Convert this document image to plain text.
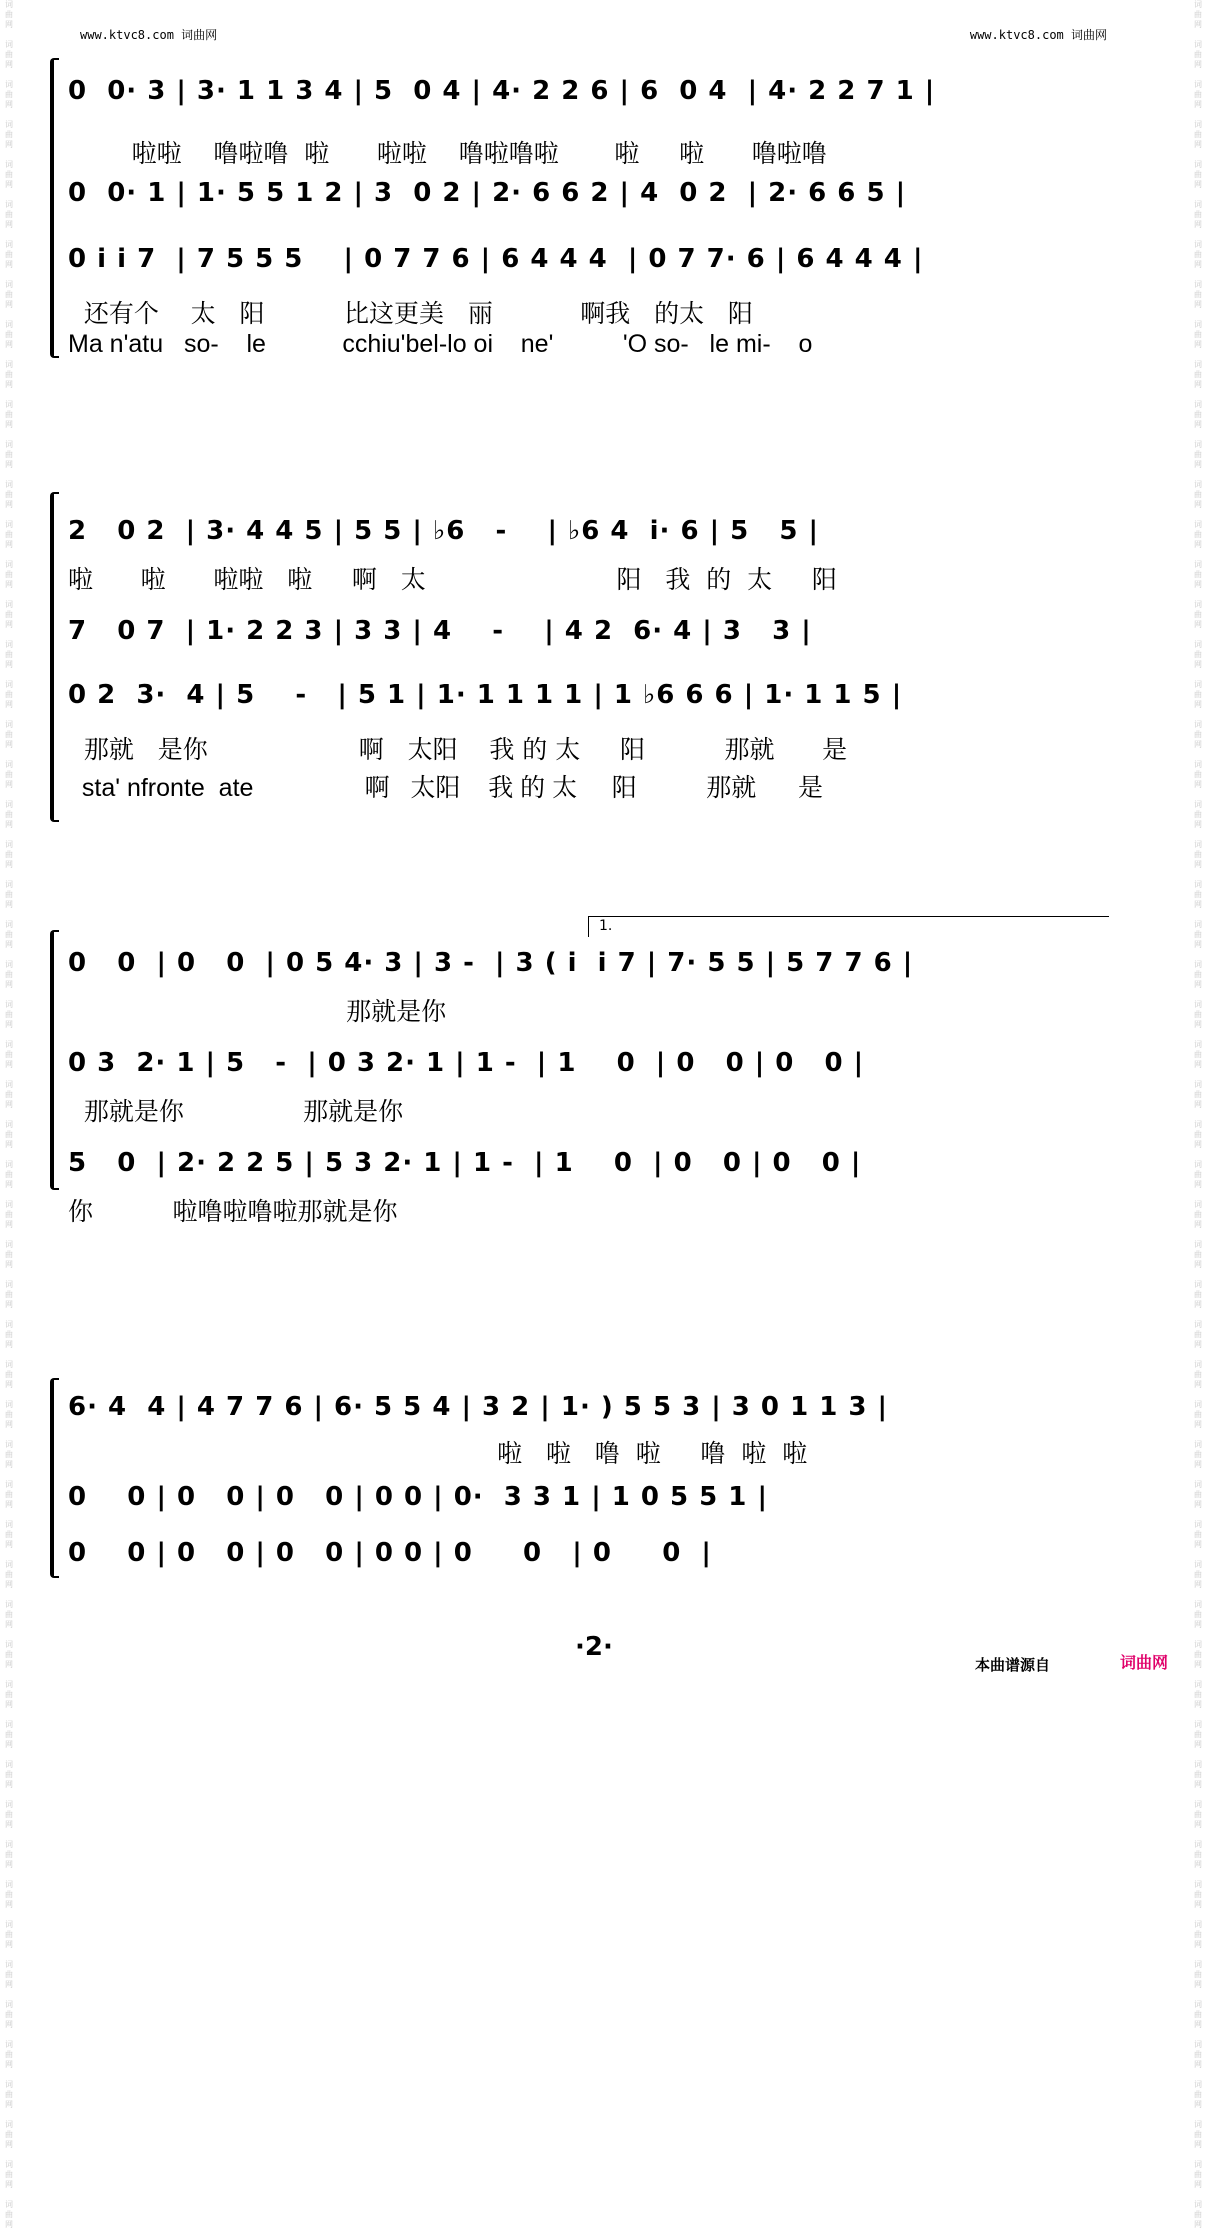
www.ktvc8.com 词曲网	www.ktvc8.com 词曲网
词
曲
网

词
曲
网

词
曲
网

词
曲
网

词
曲
网

词
曲
网

词
曲
网

词
曲
网

词
曲
网

词
曲
网

词
曲
网

词
曲
网

词
曲
网

词
曲
网

词
曲
网

词
曲
网

词
曲
网

词
曲
网

词
曲
网

词
曲
网

词
曲
网

词
曲
网

词
曲
网

词
曲
网

词
曲
网

词
曲
网

词
曲
网

词
曲
网

词
曲
网

词
曲
网

词
曲
网

词
曲
网

词
曲
网

词
曲
网

词
曲
网

词
曲
网

词
曲
网

词
曲
网

词
曲
网

词
曲
网

词
曲
网

词
曲
网

词
曲
网

词
曲
网

词
曲
网

词
曲
网

词
曲
网

词
曲
网

词
曲
网

词
曲
网

词
曲
网

词
曲
网

词
曲
网

词
曲
网

词
曲
网

词
曲
网
词
曲
网

词
曲
网

词
曲
网

词
曲
网

词
曲
网

词
曲
网

词
曲
网

词
曲
网

词
曲
网

词
曲
网

词
曲
网

词
曲
网

词
曲
网

词
曲
网

词
曲
网

词
曲
网

词
曲
网

词
曲
网

词
曲
网

词
曲
网

词
曲
网

词
曲
网

词
曲
网

词
曲
网

词
曲
网

词
曲
网

词
曲
网

词
曲
网

词
曲
网

词
曲
网

词
曲
网

词
曲
网

词
曲
网

词
曲
网

词
曲
网

词
曲
网

词
曲
网

词
曲
网

词
曲
网

词
曲
网

词
曲
网

词
曲
网

词
曲
网

词
曲
网

词
曲
网

词
曲
网

词
曲
网

词
曲
网

词
曲
网

词
曲
网

词
曲
网

词
曲
网

词
曲
网

词
曲
网

词
曲
网

词
曲
网
0  0· 3 | 3· 1 1 3 4 | 5  0 4 | 4· 2 2 6 | 6  0 4  | 4· 2 2 7 1 |
啦啦    噜啦噜  啦      啦啦    噜啦噜啦       啦     啦      噜啦噜
0  0· 1 | 1· 5 5 1 2 | 3  0 2 | 2· 6 6 2 | 4  0 2  | 2· 6 6 5 |
0 i i 7  | 7 5 5 5    | 0 7 7 6 | 6 4 4 4  | 0 7 7· 6 | 6 4 4 4 |
还有个    太   阳          比这更美   丽           啊我   的太   阳
Ma n'atu   so-    le           cchiu'bel-lo oi    ne'          'O so-   le mi-    o
2   0 2  | 3· 4 4 5 | 5 5 | ♭6   -    | ♭6 4  i· 6 | 5   5 |
啦      啦      啦啦   啦     啊   太                        阳   我  的  太     阳
7   0 7  | 1· 2 2 3 | 3 3 | 4    -    | 4 2  6· 4 | 3   3 |
0 2  3·  4 | 5    -   | 5 1 | 1· 1 1 1 1 | 1 ♭6 6 6 | 1· 1 1 5 |
那就   是你                   啊   太阳    我 的 太     阳          那就      是
sta' nfronte  ate                啊   太阳    我 的 太     阳          那就      是
1.
0   0  | 0   0  | 0 5 4· 3 | 3 -  | 3 ( i  i 7 | 7· 5 5 | 5 7 7 6 |
那就是你
0 3  2· 1 | 5   -  | 0 3 2· 1 | 1 -  | 1    0  | 0   0 | 0   0 |
那就是你               那就是你
5   0  | 2· 2 2 5 | 5 3 2· 1 | 1 -  | 1    0  | 0   0 | 0   0 |
你          啦噜啦噜啦那就是你
6· 4  4 | 4 7 7 6 | 6· 5 5 4 | 3 2 | 1· ) 5 5 3 | 3 0 1 1 3 |
啦   啦   噜  啦     噜  啦  啦
0    0 | 0   0 | 0   0 | 0 0 | 0·  3 3 1 | 1 0 5 5 1 |
0    0 | 0   0 | 0   0 | 0 0 | 0     0   | 0     0  |
·2·
本曲谱源自	词曲网
